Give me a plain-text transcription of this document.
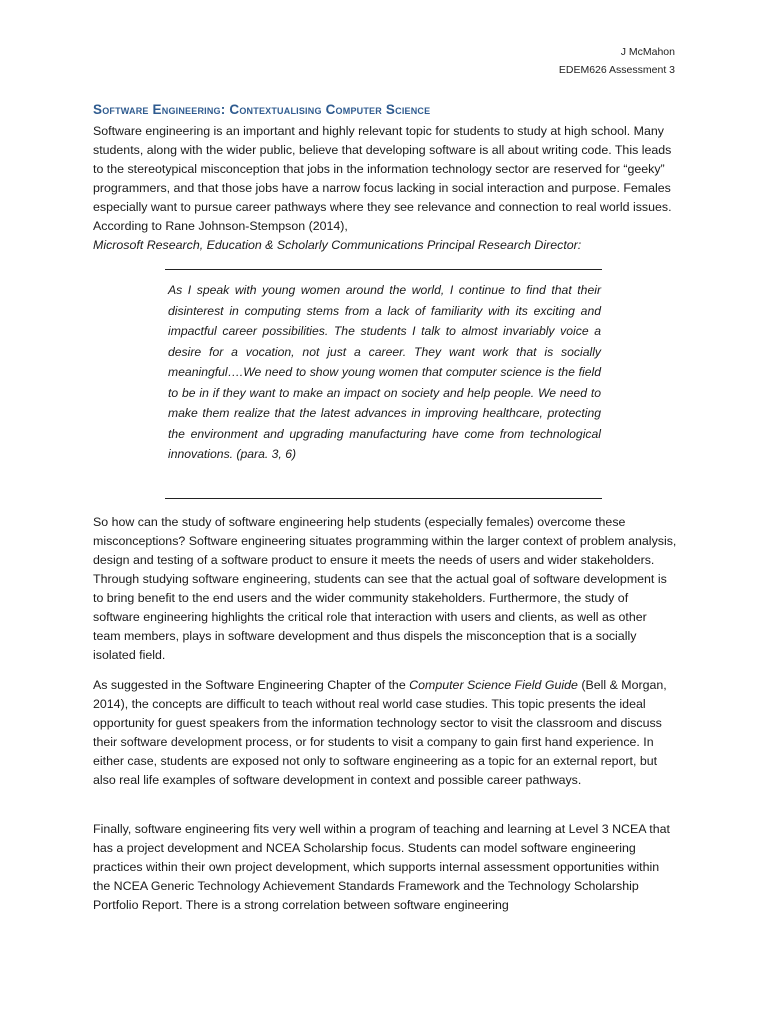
J McMahon
EDEM626 Assessment 3
Software Engineering: Contextualising Computer Science
Software engineering is an important and highly relevant topic for students to study at high school. Many students, along with the wider public, believe that developing software is all about writing code. This leads to the stereotypical misconception that jobs in the information technology sector are reserved for “geeky” programmers, and that those jobs have a narrow focus lacking in social interaction and purpose. Females especially want to pursue career pathways where they see relevance and connection to real world issues. According to Rane Johnson-Stempson (2014),
Microsoft Research, Education & Scholarly Communications Principal Research Director:
As I speak with young women around the world, I continue to find that their disinterest in computing stems from a lack of familiarity with its exciting and impactful career possibilities. The students I talk to almost invariably voice a desire for a vocation, not just a career. They want work that is socially meaningful….We need to show young women that computer science is the field to be in if they want to make an impact on society and help people. We need to make them realize that the latest advances in improving healthcare, protecting the environment and upgrading manufacturing have come from technological innovations. (para. 3, 6)
So how can the study of software engineering help students (especially females) overcome these misconceptions? Software engineering situates programming within the larger context of problem analysis, design and testing of a software product to ensure it meets the needs of users and wider stakeholders. Through studying software engineering, students can see that the actual goal of software development is to bring benefit to the end users and the wider community stakeholders. Furthermore, the study of software engineering highlights the critical role that interaction with users and clients, as well as other team members, plays in software development and thus dispels the misconception that is a socially isolated field.
As suggested in the Software Engineering Chapter of the Computer Science Field Guide (Bell & Morgan, 2014), the concepts are difficult to teach without real world case studies. This topic presents the ideal opportunity for guest speakers from the information technology sector to visit the classroom and discuss their software development process, or for students to visit a company to gain first hand experience. In either case, students are exposed not only to software engineering as a topic for an external report, but also real life examples of software development in context and possible career pathways.
Finally, software engineering fits very well within a program of teaching and learning at Level 3 NCEA that has a project development and NCEA Scholarship focus. Students can model software engineering practices within their own project development, which supports internal assessment opportunities within the NCEA Generic Technology Achievement Standards Framework and the Technology Scholarship Portfolio Report. There is a strong correlation between software engineering
